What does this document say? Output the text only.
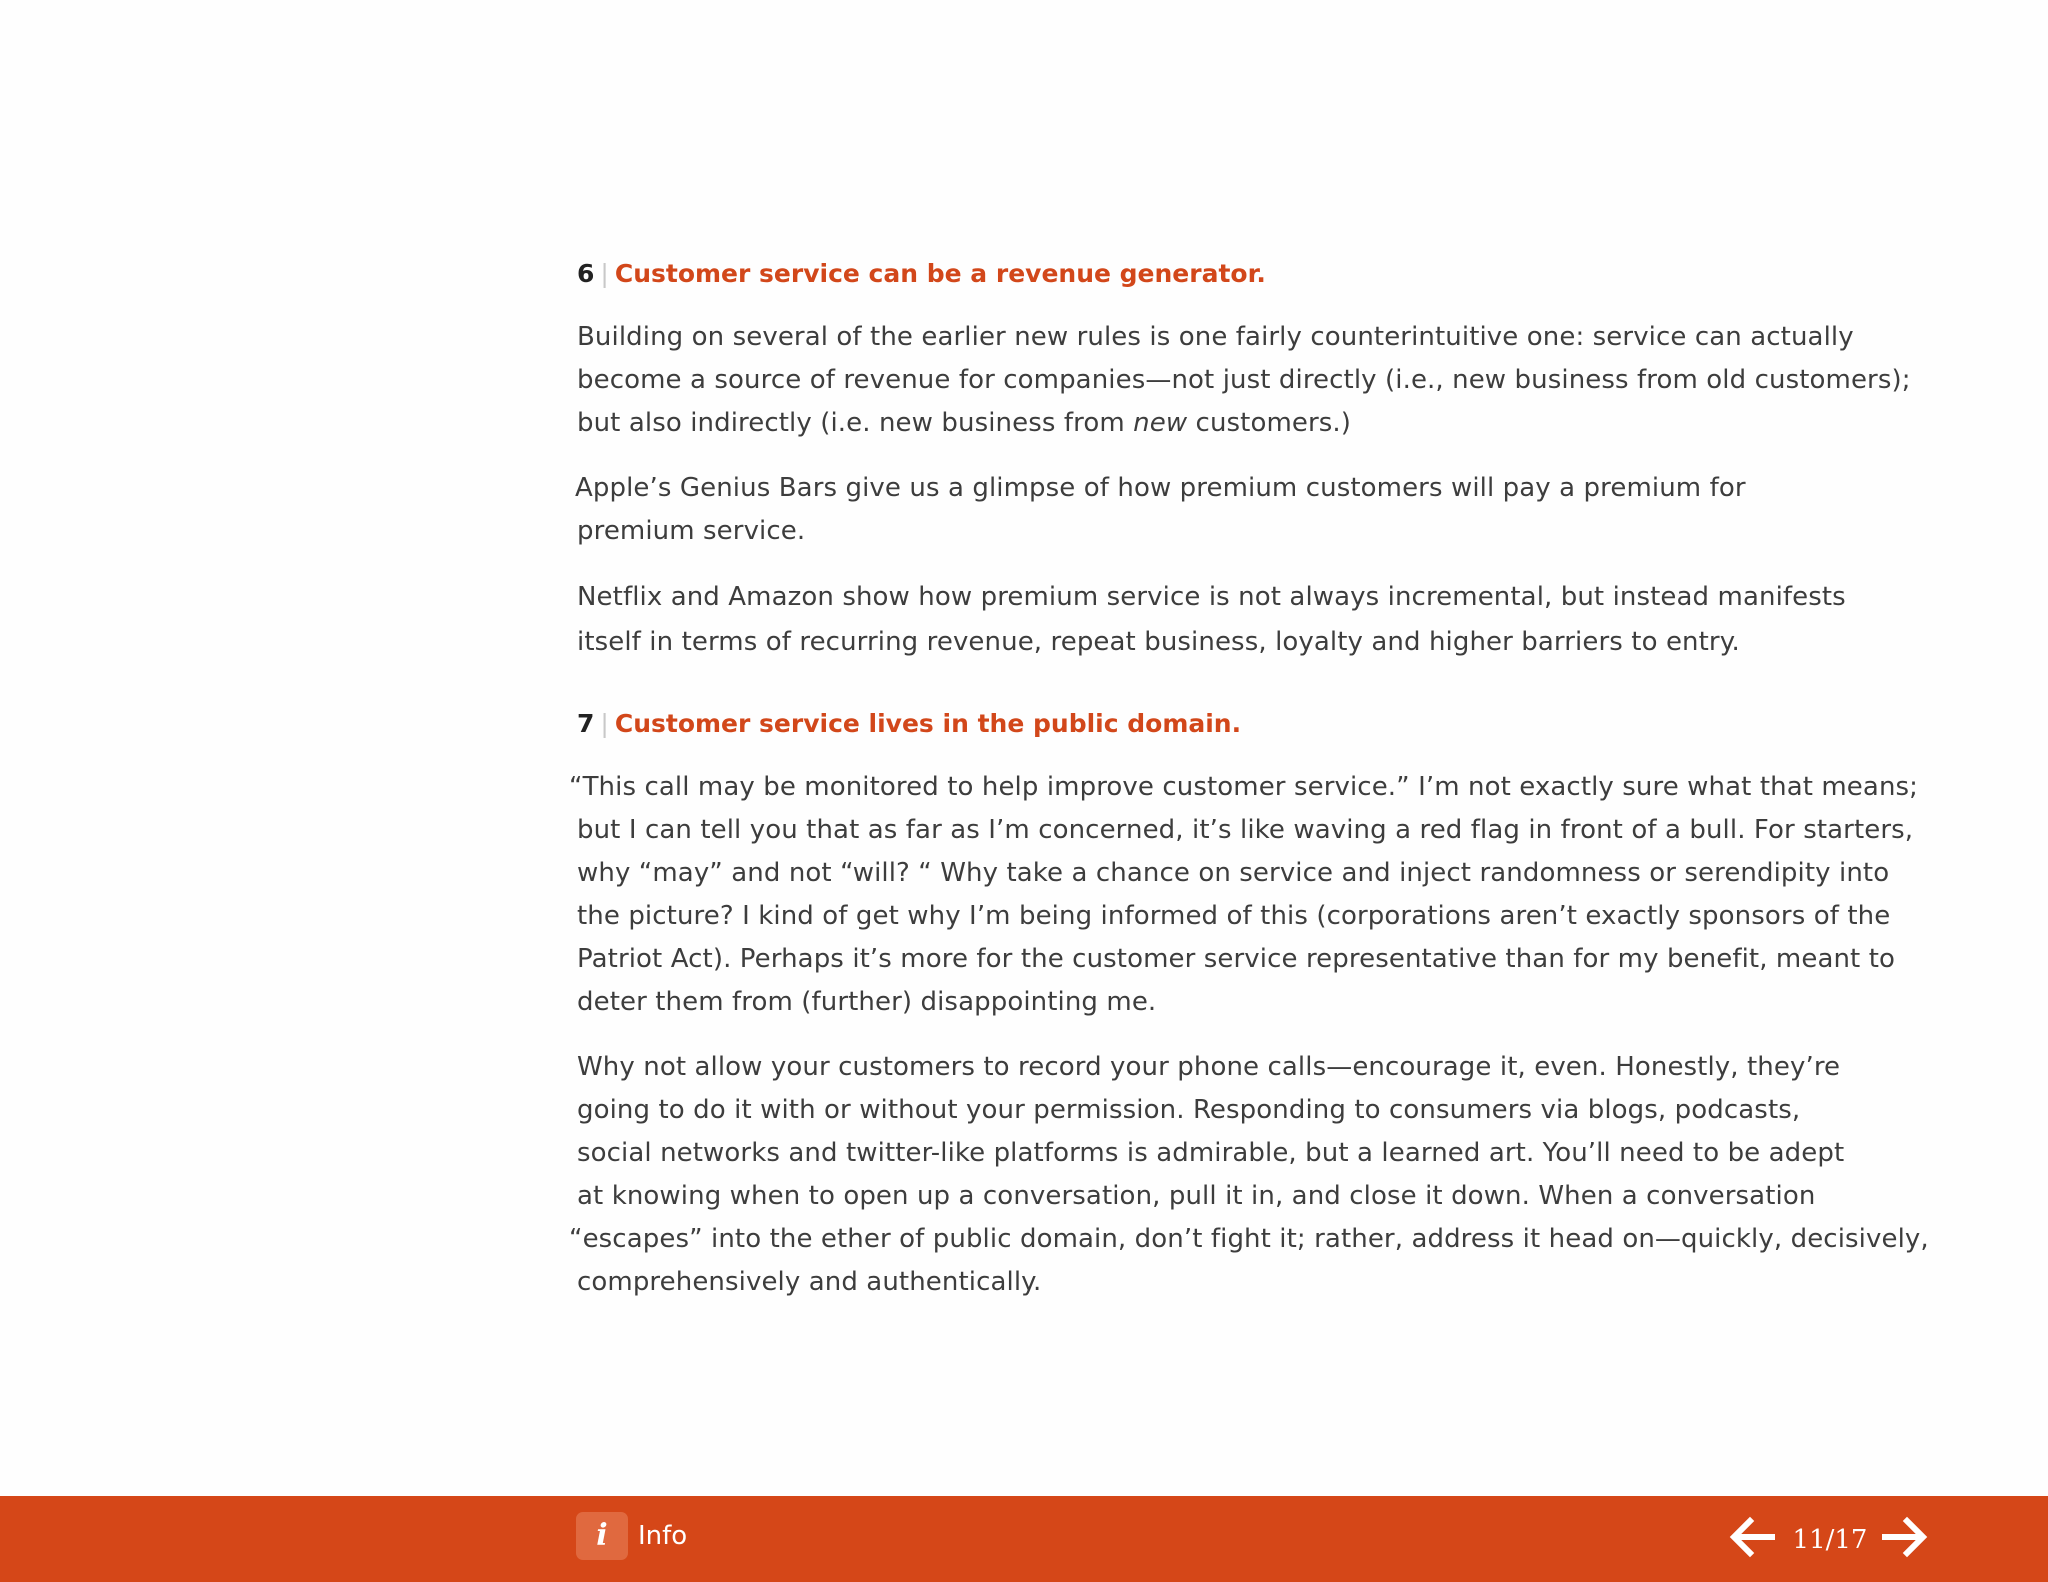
6 | Customer service can be a revenue generator.

Building on several of the earlier new rules is one fairly counterintuitive one: service can actually
become a source of revenue for companies—not just directly (i.e., new business from old customers);
but also indirectly (i.e. new business from new customers.)

Apple’s Genius Bars give us a glimpse of how premium customers will pay a premium for
premium service.

Netflix and Amazon show how premium service is not always incremental, but instead manifests
itself in terms of recurring revenue, repeat business, loyalty and higher barriers to entry.

7 | Customer service lives in the public domain.

“This call may be monitored to help improve customer service.” I’m not exactly sure what that means;
but I can tell you that as far as I’m concerned, it’s like waving a red flag in front of a bull. For starters,
why “may” and not “will? “ Why take a chance on service and inject randomness or serendipity into
the picture? I kind of get why I’m being informed of this (corporations aren’t exactly sponsors of the
Patriot Act). Perhaps it’s more for the customer service representative than for my benefit, meant to
deter them from (further) disappointing me.

Why not allow your customers to record your phone calls—encourage it, even. Honestly, they’re
going to do it with or without your permission. Responding to consumers via blogs, podcasts,
social networks and twitter-like platforms is admirable, but a learned art. You’ll need to be adept
at knowing when to open up a conversation, pull it in, and close it down. When a conversation
“escapes” into the ether of public domain, don’t fight it; rather, address it head on—quickly, decisively,
comprehensively and authentically.

i	Info	11/17
